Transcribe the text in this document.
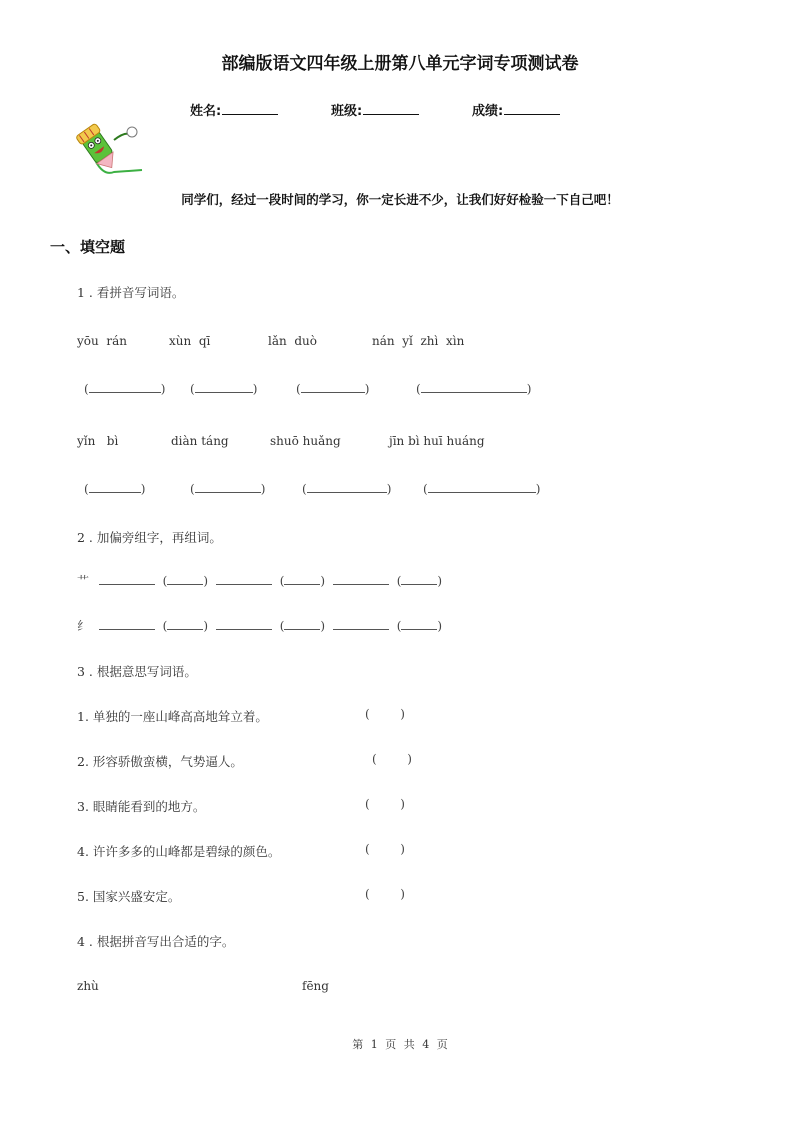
部编版语文四年级上册第八单元字词专项测试卷
姓名:	班级:	成绩:
同学们，经过一段时间的学习，你一定长进不少，让我们好好检验一下自己吧！
一、填空题
1 . 看拼音写词语。
yōu  rán	xùn  qī	lǎn  duò	nán  yǐ  zhì  xìn
(	) (	)	(	)	(	)
yǐn   bì	diàn táng	shuō huǎng	jīn bì huī huáng
(	)	(	)	(	)	(	)
2 . 加偏旁组字，再组词。
艹	(	)	(	)	(	)
纟	(	)	(	)	(	)
3 . 根据意思写词语。
1. 单独的一座山峰高高地耸立着。	(        )
2. 形容骄傲蛮横，气势逼人。	(        )
3. 眼睛能看到的地方。	(        )
4. 许许多多的山峰都是碧绿的颜色。	(        )
5. 国家兴盛安定。	(        )
4 . 根据拼音写出合适的字。
zhù	fēng
第 1 页 共 4 页
